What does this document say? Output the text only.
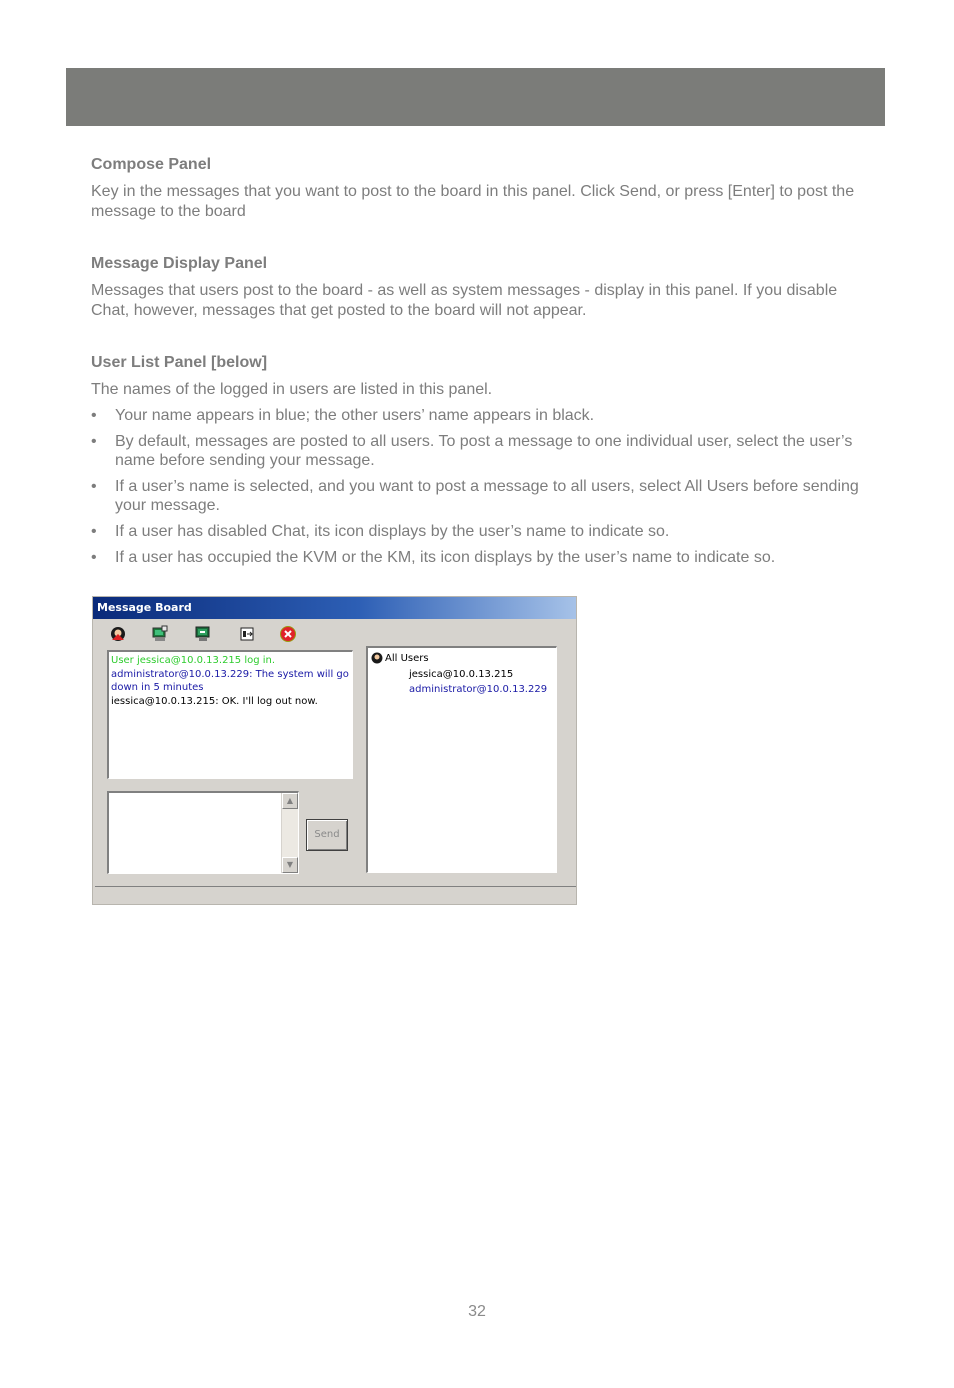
Compose Panel

Key in the messages that you want to post to the board in this panel. Click Send, or press [Enter] to post the message to the board

Message Display Panel

Messages that users post to the board - as well as system messages - display in this panel. If you disable Chat, however, messages that get posted to the board will not appear.

User List Panel [below]

The names of the logged in users are listed in this panel.

• Your name appears in blue; the other users’ name appears in black.
• By default, messages are posted to all users. To post a message to one individual user, select the user’s name before sending your message.
• If a user’s name is selected, and you want to post a message to all users, select All Users before sending your message.
• If a user has disabled Chat, its icon displays by the user’s name to indicate so.
• If a user has occupied the KVM or the KM, its icon displays by the user’s name to indicate so.
Message Board
User jessica@10.0.13.215 log in.
administrator@10.0.13.229: The system will go down in 5 minutes
iessica@10.0.13.215: OK. I'll log out now.
▲
▼
Send
All Users
jessica@10.0.13.215
administrator@10.0.13.229
32
